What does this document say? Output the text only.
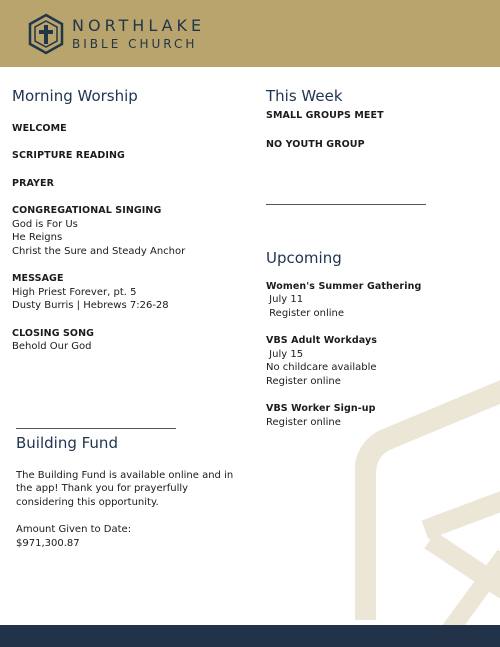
NORTHLAKE
BIBLE CHURCH
Morning Worship
WELCOME
SCRIPTURE READING
PRAYER
CONGREGATIONAL SINGING
God is For Us
He Reigns
Christ the Sure and Steady Anchor
MESSAGE
High Priest Forever, pt. 5
Dusty Burris | Hebrews 7:26-28
CLOSING SONG
Behold Our God
This Week
SMALL GROUPS MEET
NO YOUTH GROUP
Upcoming
Women's Summer Gathering
July 11
Register online
VBS Adult Workdays
July 15
No childcare available
Register online
VBS Worker Sign-up
Register online
Building Fund
The Building Fund is available online and in the app! Thank you for prayerfully considering this opportunity.
Amount Given to Date:
$971,300.87
